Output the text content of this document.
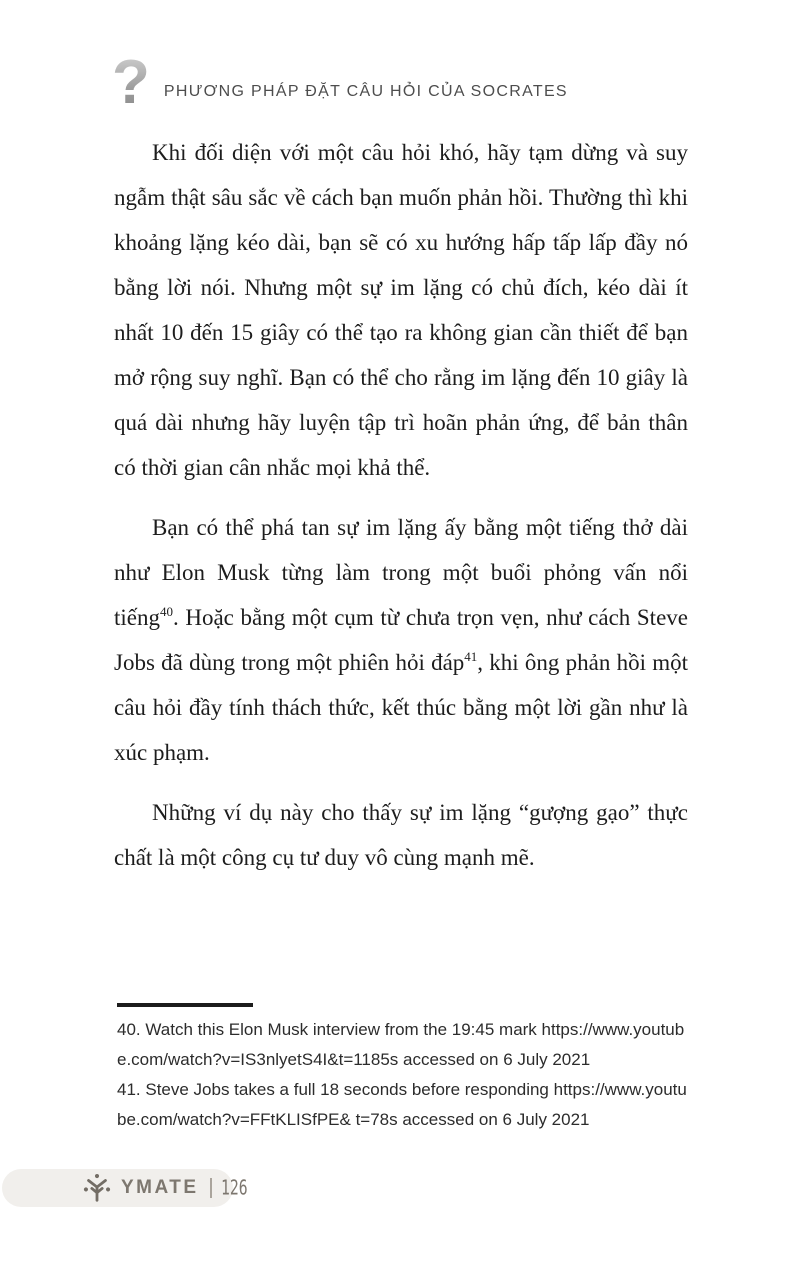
? PHƯƠNG PHÁP ĐẶT CÂU HỎI CỦA SOCRATES

Khi đối diện với một câu hỏi khó, hãy tạm dừng và suy ngẫm thật sâu sắc về cách bạn muốn phản hồi. Thường thì khi khoảng lặng kéo dài, bạn sẽ có xu hướng hấp tấp lấp đầy nó bằng lời nói. Nhưng một sự im lặng có chủ đích, kéo dài ít nhất 10 đến 15 giây có thể tạo ra không gian cần thiết để bạn mở rộng suy nghĩ. Bạn có thể cho rằng im lặng đến 10 giây là quá dài nhưng hãy luyện tập trì hoãn phản ứng, để bản thân có thời gian cân nhắc mọi khả thể.

Bạn có thể phá tan sự im lặng ấy bằng một tiếng thở dài như Elon Musk từng làm trong một buổi phỏng vấn nổi tiếng$^{40}$. Hoặc bằng một cụm từ chưa trọn vẹn, như cách Steve Jobs đã dùng trong một phiên hỏi đáp$^{41}$, khi ông phản hồi một câu hỏi đầy tính thách thức, kết thúc bằng một lời gần như là xúc phạm.

Những ví dụ này cho thấy sự im lặng “gượng gạo” thực chất là một công cụ tư duy vô cùng mạnh mẽ.

40. Watch this Elon Musk interview from the 19:45 mark https://www.youtube.com/watch?v=IS3nlyetS4I&t=1185s accessed on 6 July 2021
41. Steve Jobs takes a full 18 seconds before responding https://www.youtube.com/watch?v=FFtKLISfPE& t=78s accessed on 6 July 2021
YMATE 126
